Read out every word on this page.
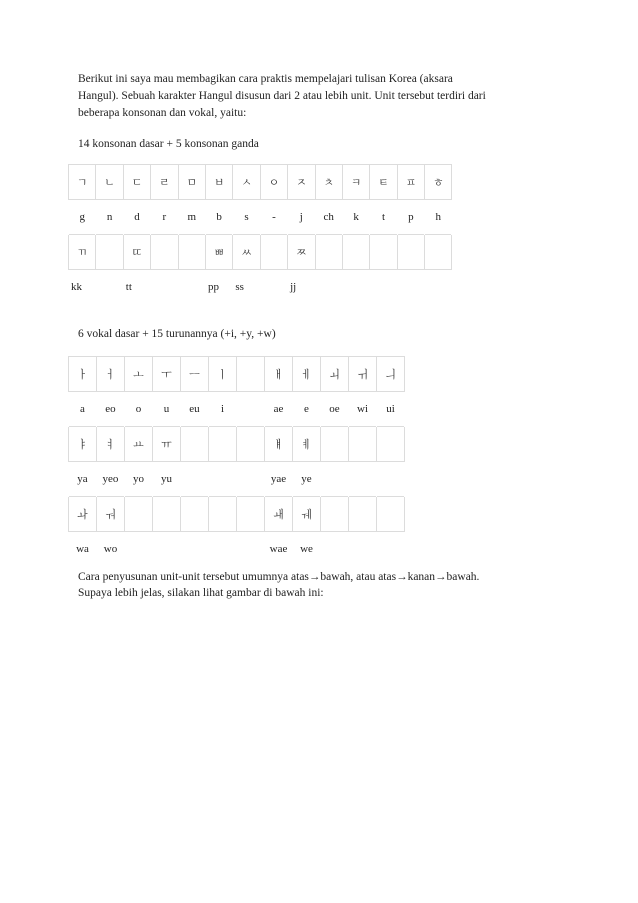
Berikut ini saya mau membagikan cara praktis mempelajari tulisan Korea (aksara
Hangul). Sebuah karakter Hangul disusun dari 2 atau lebih unit. Unit tersebut terdiri dari
beberapa konsonan dan vokal, yaitu:

14 konsonan dasar + 5 konsonan ganda

ㄱ	ㄴ	ㄷ	ㄹ	ㅁ	ㅂ	ㅅ	ㅇ	ㅈ	ㅊ	ㅋ	ㅌ	ㅍ	ㅎ
g	n	d	r	m	b	s	-	j	ch	k	t	p	h
ㄲ		ㄸ			ㅃ	ㅆ		ㅉ					
kk		tt			pp	ss		jj					

6 vokal dasar + 15 turunannya (+i, +y, +w)

ㅏ	ㅓ	ㅗ	ㅜ	ㅡ	ㅣ		ㅐ	ㅔ	ㅚ	ㅟ	ㅢ
a	eo	o	u	eu	i		ae	e	oe	wi	ui
ㅑ	ㅕ	ㅛ	ㅠ				ㅒ	ㅖ			
ya	yeo	yo	yu				yae	ye			
ㅘ	ㅝ						ㅙ	ㅞ			
wa	wo						wae	we			

Cara penyusunan unit-unit tersebut umumnya atas→bawah, atau atas→kanan→bawah.
Supaya lebih jelas, silakan lihat gambar di bawah ini:
